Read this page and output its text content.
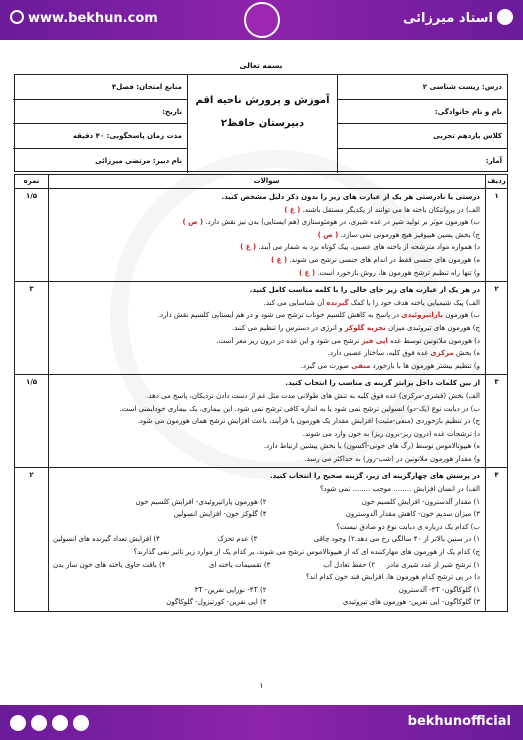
www.bekhun.com	استاد میرزائی
بسمه تعالی
درس: زیست شناسی ۲
نام و نام خانوادگی:
کلاس یازدهم تجربی
آمار:
آموزش و پرورش ناحیه اقم
دبیرستان حافظ۲
منابع امتحان: فصل۴
تاریخ:
مدت زمان پاسخگویی: ۴۰ دقیقه
نام دبیر: مرتضی میرزائی
ردیف
سوالات
نمره
۱
درستی یا نادرستی هر یک از عبارت های زیر را بدون ذکر دلیل مشخص کنید.
الف) در پروانتکان یاخته ها می توانند از یکدیگر مستقل باشند. ( غ )
ب) هورمون موثر بر تولید شیر در غده شیری، در هومئوستازی (هم ایستایی) بدن نیز نقش دارد. ( ص )
ج) بخش پسین هیپوفیز هیچ هورمونی نمی سازد. ( ص )
د) همواره مواد مترشحه از یاخته های عصبی، پیک کوتاه برد به شمار می آیند. ( غ )
ه) هورمون های جنسی فقط در اندام های جنسی ترشح می شوند. ( غ )
و) تنها راه تنظیم ترشح هورمون ها، روش بازخورد است. ( غ )
۱/۵
۲
در هر یک از عبارت های زیر جای خالی را با کلمه مناسب کامل کنید.
الف) پیک شیمیایی یاخته هدف خود را با کمک گیرنده آن شناسایی می کند.
ب) هورمون پاراتیروئیدی در پاسخ به کاهش کلسیم خوناب ترشح می شود و در هم ایستایی کلسیم نقش دارد.
ج) هورمون های تیروئیدی میزان تجزیه گلوکز و انرژی در دسترس را تنظیم می کنند.
د) هورمون ملاتونین توسط غده اپی فیز ترشح می شود و این غده در درون ریز مغز است.
ه) بخش مرکزی غده فوق کلیه، ساختار عصبی دارد.
و) تنظیم بیشتر هورمون ها با بازخورد منفی صورت می گیرد.
۳
۳
از بین کلمات داخل پرانتز گزینه ی مناسب را انتخاب کنید.
الف) بخش (قشری-مرکزی) غده فوق کلیه به تنش های طولانی مدت مثل غم از دست دادن نزدیکان، پاسخ می دهد.
ب) در دیابت نوع (یک-دو) انسولین ترشح نمی شود یا به اندازه کافی ترشح نمی شود. این بیماری، یک بیماری خودایمنی است.
ج) در تنظیم بازخوردی (منفی-مثبت) افزایش مقدار یک هورمون یا فرآیند، باعث افزایش ترشح همان هورمون می شود.
د) ترشحات غده (درون ریز-برون ریز) به خون وارد می شوند.
ه) هیپوتالاموس توسط (رگ های خونی-آکسون) با بخش پیشین ارتباط دارد.
و) مقدار هورمون ملاتونین در (شب-روز) به حداکثر می رسد.
۱/۵
۴
در پرسش های چهارگزینه ای زیر، گزینه صحیح را انتخاب کنید.
الف) در انسان افزایش ........ موجب ........ نمی شود؟
۱) مقدار آلدسترون- افزایش کلسیم خون
۲) هورمون پاراتیروئیدی- افزایش کلسیم خون
۳) میزان سدیم خون- کاهش مقدار آلدوسترون
۴) گلوکز خون- افزایش انسولین
ب) کدام یک درباره ی دیابت نوع دو صادق نیست؟
۱) در سنین بالاتر از ۴۰ سالگی رخ می دهد.
۲) وجود چاقی
۳) عدم تحرک
۴) افزایش تعداد گیرنده های انسولین
ج) کدام یک از هورمون های مهارکننده ای که از هیپوتالاموس ترشح می شوند، بر کدام یک از موارد زیر تاثیر نمی گذارند؟
۱) ترشح شیر از غدد شیری مادر
۲) حفظ تعادل آب
۳) تقسیمات یاخته ای
۴) بافت حاوی یاخته های خون ساز بدن
د) در پی ترشح کدام هورمون ها، افزایش قند خون کدام اند؟
۱) گلوکاگون- ۳T- آلدسترون
۲) ۴T- نوراپی نفرین- ۳T
۳) گلوکاگون- اپی نفرین- هورمون های تیروئیدی
۴) اپی نفرین- کورتیزول- گلوکاگون
۲
۱
bekhunofficial
